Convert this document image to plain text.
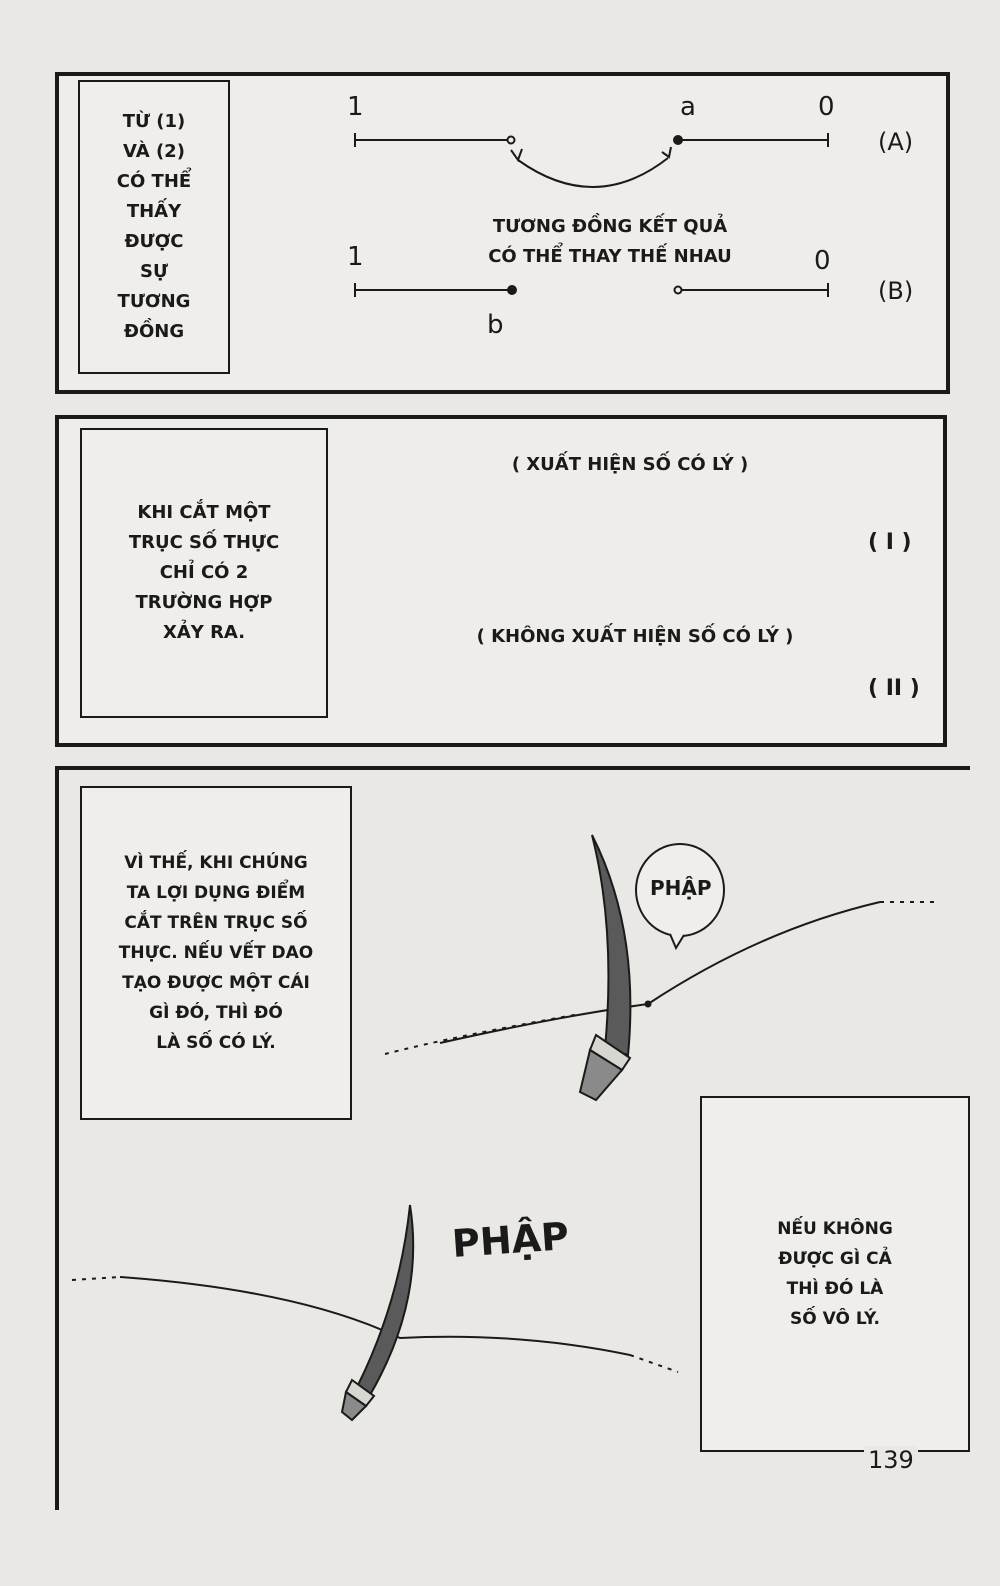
TỪ (1)
VÀ (2)
CÓ THỂ
THẤY
ĐƯỢC
SỰ
TƯƠNG
ĐỒNG
1	a	0
(A)
TƯƠNG ĐỒNG KẾT QUẢ
CÓ THỂ THAY THẾ NHAU
1	0
b
(B)
KHI CẮT MỘT
TRỤC SỐ THỰC
CHỈ CÓ 2
TRƯỜNG HỢP
XẢY RA.
( XUẤT HIỆN SỐ CÓ LÝ )
( I )
( KHÔNG XUẤT HIỆN SỐ CÓ LÝ )
( II )
VÌ THẾ, KHI CHÚNG
TA LỢI DỤNG ĐIỂM
CẮT TRÊN TRỤC SỐ
THỰC. NẾU VẾT DAO
TẠO ĐƯỢC MỘT CÁI
GÌ ĐÓ, THÌ ĐÓ
LÀ SỐ CÓ LÝ.
PHẬP
PHẬP	NẾU KHÔNG
ĐƯỢC GÌ CẢ
THÌ ĐÓ LÀ
SỐ VÔ LÝ.
139
